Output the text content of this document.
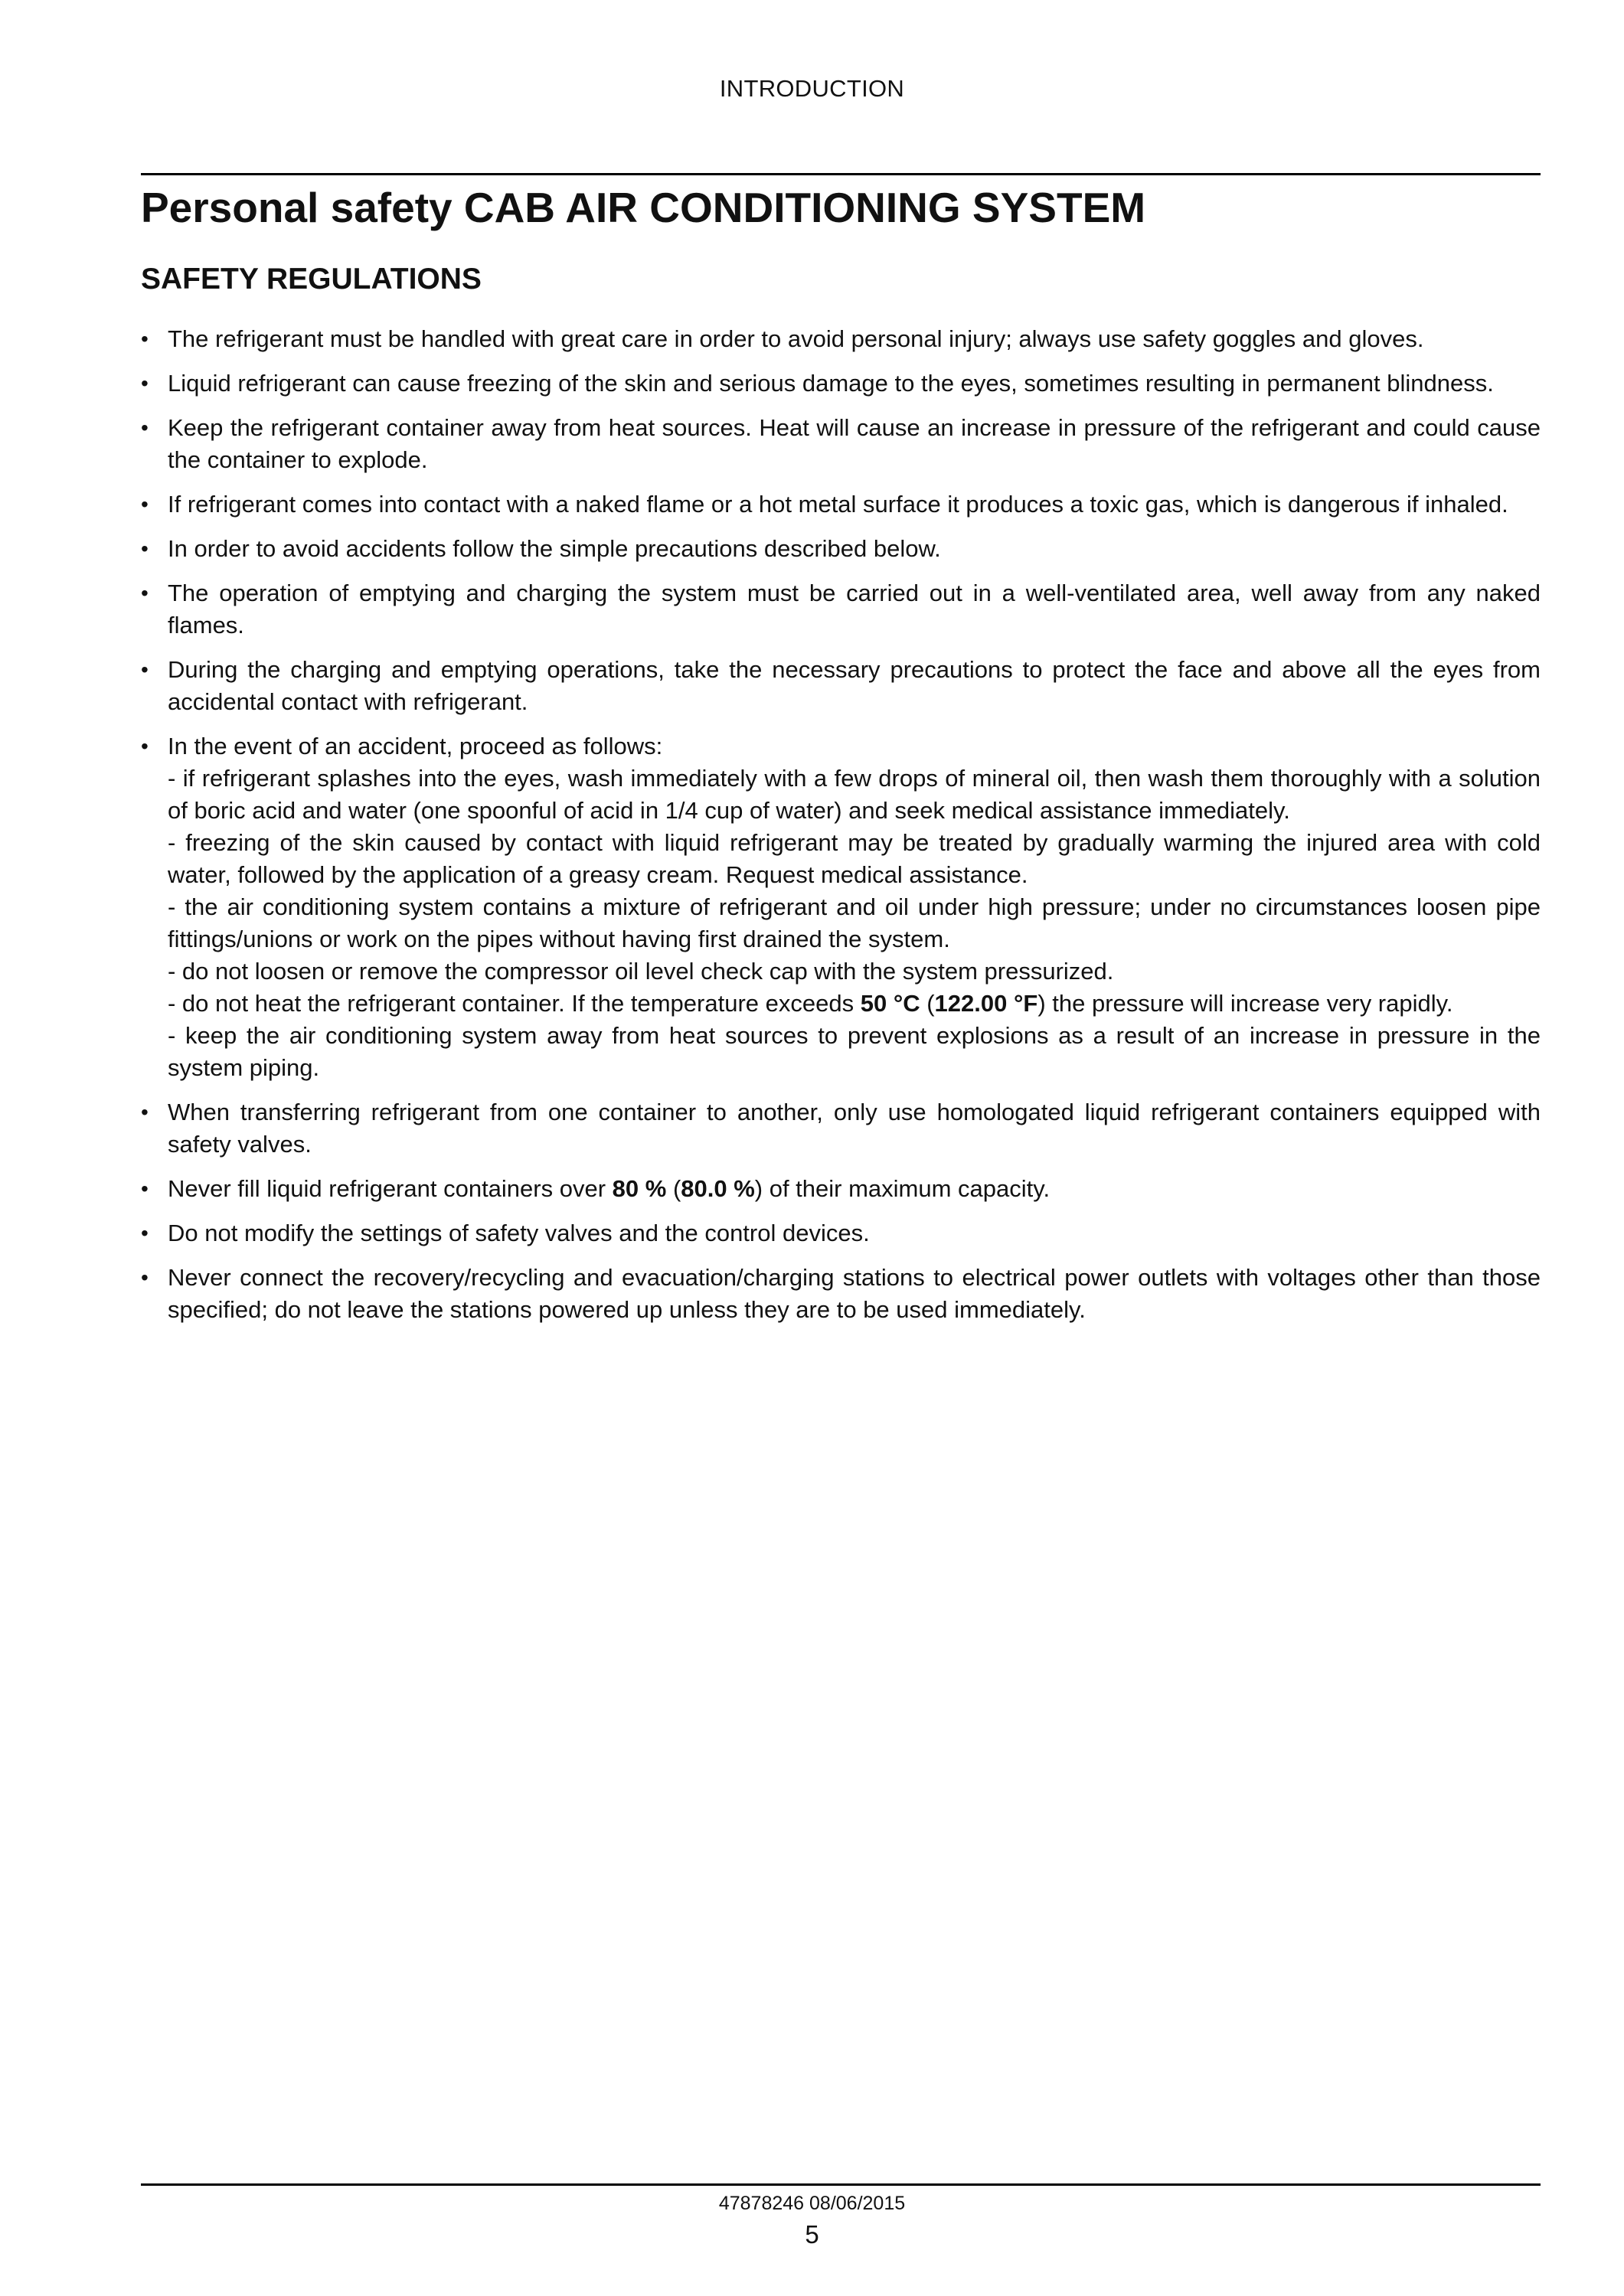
INTRODUCTION
Personal safety CAB AIR CONDITIONING SYSTEM
SAFETY REGULATIONS
• The refrigerant must be handled with great care in order to avoid personal injury; always use safety goggles and gloves.
• Liquid refrigerant can cause freezing of the skin and serious damage to the eyes, sometimes resulting in permanent blindness.
• Keep the refrigerant container away from heat sources. Heat will cause an increase in pressure of the refrigerant and could cause the container to explode.
• If refrigerant comes into contact with a naked flame or a hot metal surface it produces a toxic gas, which is dangerous if inhaled.
• In order to avoid accidents follow the simple precautions described below.
• The operation of emptying and charging the system must be carried out in a well-ventilated area, well away from any naked flames.
• During the charging and emptying operations, take the necessary precautions to protect the face and above all the eyes from accidental contact with refrigerant.
• In the event of an accident, proceed as follows:
- if refrigerant splashes into the eyes, wash immediately with a few drops of mineral oil, then wash them thoroughly with a solution of boric acid and water (one spoonful of acid in 1/4 cup of water) and seek medical assistance immediately.
- freezing of the skin caused by contact with liquid refrigerant may be treated by gradually warming the injured area with cold water, followed by the application of a greasy cream. Request medical assistance.
- the air conditioning system contains a mixture of refrigerant and oil under high pressure; under no circumstances loosen pipe fittings/unions or work on the pipes without having first drained the system.
- do not loosen or remove the compressor oil level check cap with the system pressurized.
- do not heat the refrigerant container. If the temperature exceeds 50 °C (122.00 °F) the pressure will increase very rapidly.
- keep the air conditioning system away from heat sources to prevent explosions as a result of an increase in pressure in the system piping.
• When transferring refrigerant from one container to another, only use homologated liquid refrigerant containers equipped with safety valves.
• Never fill liquid refrigerant containers over 80 % (80.0 %) of their maximum capacity.
• Do not modify the settings of safety valves and the control devices.
• Never connect the recovery/recycling and evacuation/charging stations to electrical power outlets with voltages other than those specified; do not leave the stations powered up unless they are to be used immediately.
47878246 08/06/2015
5
